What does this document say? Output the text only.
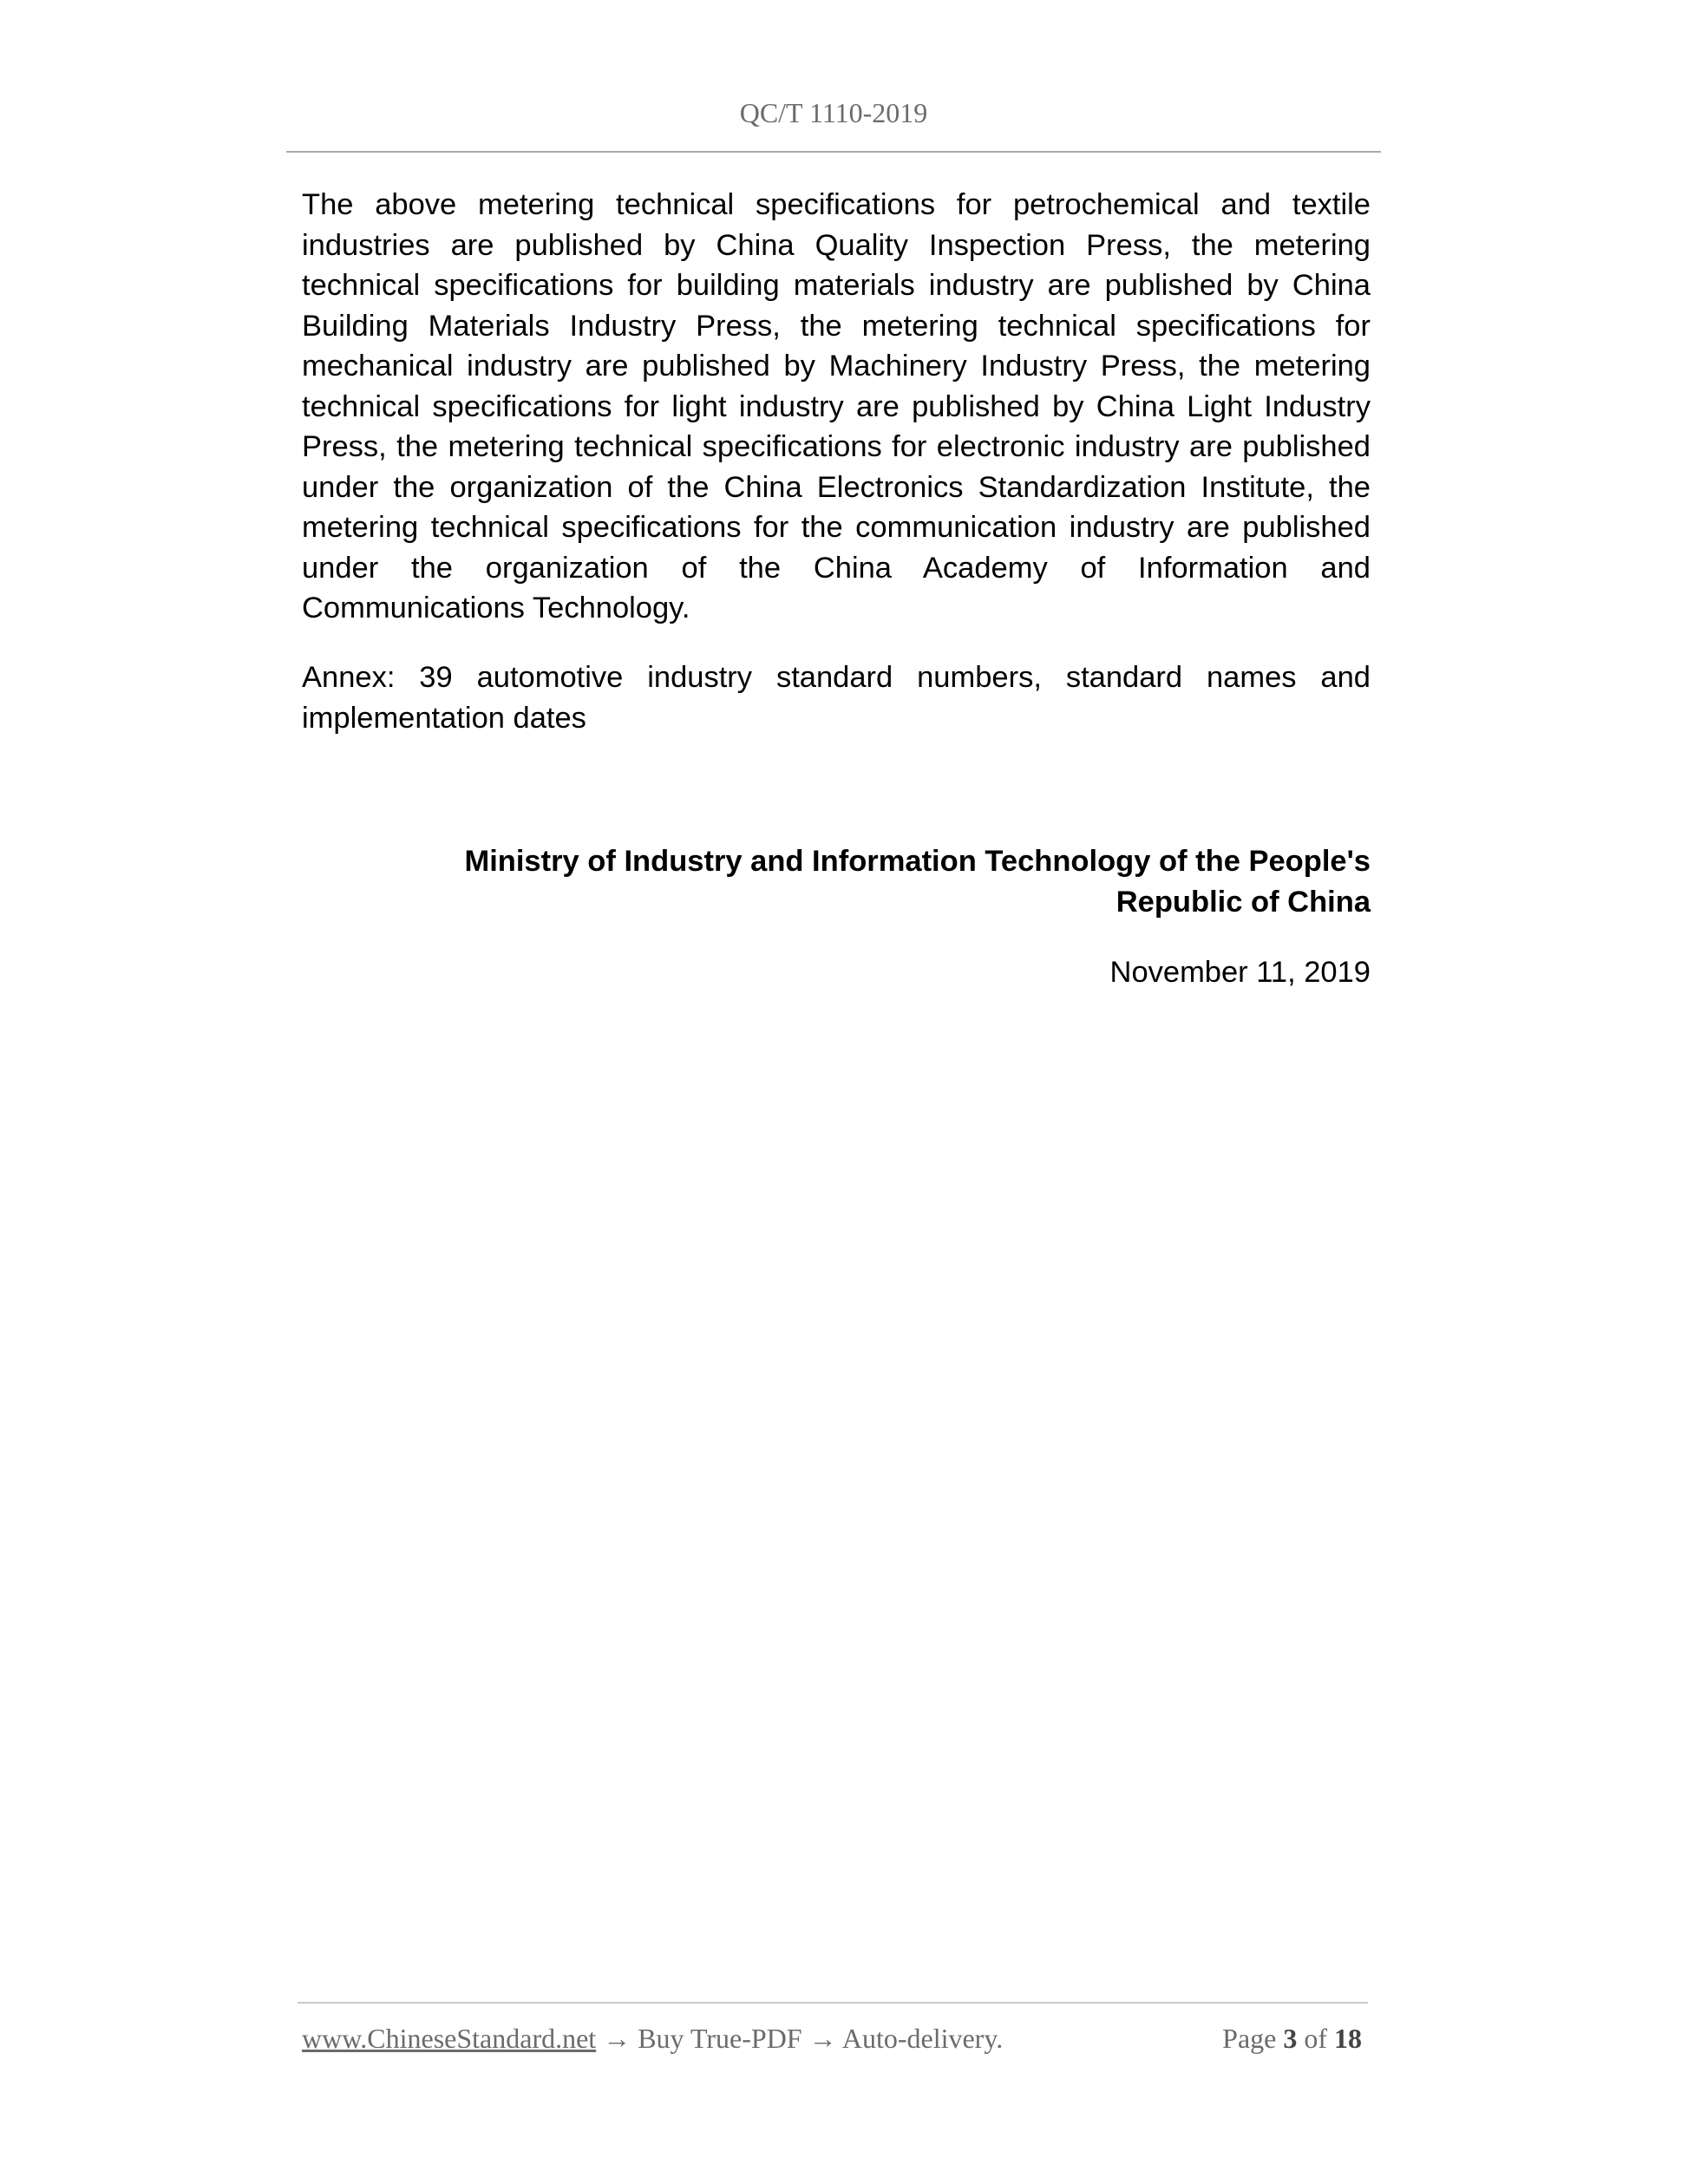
QC/T 1110-2019

The above metering technical specifications for petrochemical and textile industries are published by China Quality Inspection Press, the metering technical specifications for building materials industry are published by China Building Materials Industry Press, the metering technical specifications for mechanical industry are published by Machinery Industry Press, the metering technical specifications for light industry are published by China Light Industry Press, the metering technical specifications for electronic industry are published under the organization of the China Electronics Standardization Institute, the metering technical specifications for the communication industry are published under the organization of the China Academy of Information and Communications Technology.

Annex: 39 automotive industry standard numbers, standard names and implementation dates

Ministry of Industry and Information Technology of the People's
Republic of China
November 11, 2019
www.ChineseStandard.net → Buy True-PDF → Auto-delivery.	Page 3 of 18
